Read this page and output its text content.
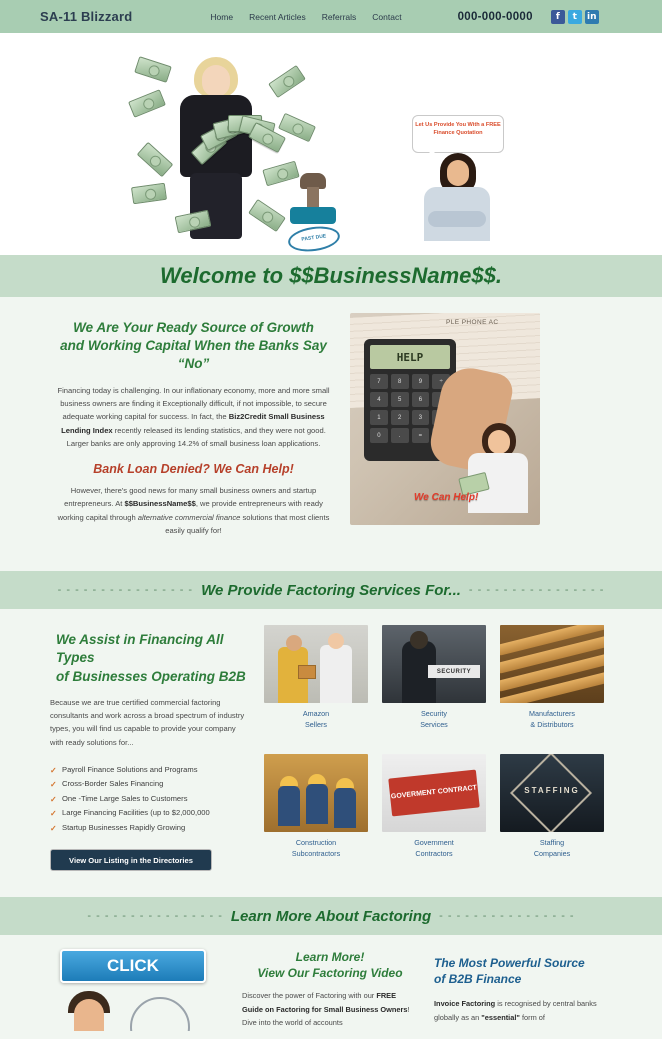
SA-11 Blizzard	Home Recent Articles Referrals Contact	000-000-0000	f	t	in
PAST DUE
Let Us Provide You With a FREE Finance Quotation
Welcome to $$BusinessName$$.
We Are Your Ready Source of Growth
and Working Capital When the Banks Say “No”

Financing today is challenging. In our inflationary economy, more and more small business owners are finding it Exceptionally difficult, if not impossible, to secure adequate working capital for success. In fact, the Biz2Credit Small Business Lending Index recently released its lending statistics, and they were not good. Larger banks are only approving 14.2% of small business loan applications.

Bank Loan Denied? We Can Help!

However, there's good news for many small business owners and startup entrepreneurs. At $$BusinessName$$, we provide entrepreneurs with ready working capital through alternative commercial finance solutions that most clients easily qualify for!

PLE PHONE AC
HELP
7	8	9	÷
4	5	6
1	2	3
0	.	=
We Can Help!
- - - - - - - - - - - - - - - - We Provide Factoring Services For... - - - - - - - - - - - - - - - -
We Assist in Financing All Types
of Businesses Operating B2B

Because we are true certified commercial factoring consultants and work across a broad spectrum of industry types, you will find us capable to provide your company with ready solutions for...

✓ Payroll Finance Solutions and Programs
✓ Cross-Border Sales Financing
✓ One -Time Large Sales to Customers
✓ Large Financing Facilities (up to $2,000,000
✓ Startup Businesses Rapidly Growing
View Our Listing in the Directories
Amazon
Sellers
SECURITY
Security
Services
Manufacturers
& Distributors
Construction
Subcontractors
GOVERMENT CONTRACT
Government
Contractors
STAFFING
Staffing
Companies
- - - - - - - - - - - - - - - - Learn More About Factoring - - - - - - - - - - - - - - - -
CLICK	Learn More!
View Our Factoring Video

Discover the power of Factoring with our FREE Guide on Factoring for Small Business Owners! Dive into the world of accounts

The Most Powerful Source
of B2B Finance

Invoice Factoring is recognised by central banks globally as an "essential" form of
